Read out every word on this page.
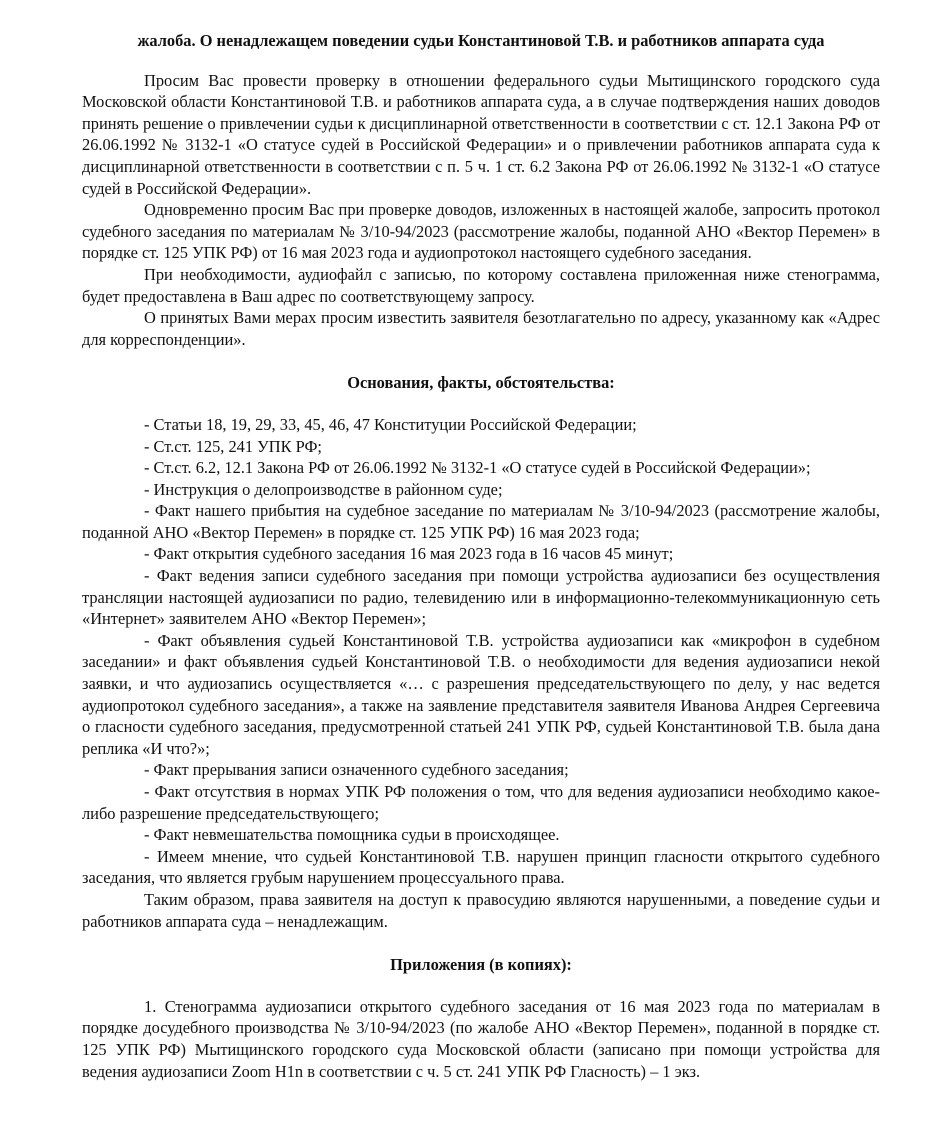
жалоба. О ненадлежащем поведении судьи Константиновой Т.В. и работников аппарата суда

Просим Вас провести проверку в отношении федерального судьи Мытищинского городского суда Московской области Константиновой Т.В. и работников аппарата суда, а в случае подтверждения наших доводов принять решение о привлечении судьи к дисциплинарной ответственности в соответствии с ст. 12.1 Закона РФ от 26.06.1992 № 3132-1 «О статусе судей в Российской Федерации» и о привлечении работников аппарата суда к дисциплинарной ответственности в соответствии с п. 5 ч. 1 ст. 6.2 Закона РФ от 26.06.1992 № 3132-1 «О статусе судей в Российской Федерации».

Одновременно просим Вас при проверке доводов, изложенных в настоящей жалобе, запросить протокол судебного заседания по материалам № 3/10-94/2023 (рассмотрение жалобы, поданной АНО «Вектор Перемен» в порядке ст. 125 УПК РФ) от 16 мая 2023 года и аудиопротокол настоящего судебного заседания.

При необходимости, аудиофайл с записью, по которому составлена приложенная ниже стенограмма, будет предоставлена в Ваш адрес по соответствующему запросу.

О принятых Вами мерах просим известить заявителя безотлагательно по адресу, указанному как «Адрес для корреспонденции».

Основания, факты, обстоятельства:

- Статьи 18, 19, 29, 33, 45, 46, 47 Конституции Российской Федерации;

- Ст.ст. 125, 241 УПК РФ;

- Ст.ст. 6.2, 12.1 Закона РФ от 26.06.1992 № 3132-1 «О статусе судей в Российской Федерации»;

- Инструкция о делопроизводстве в районном суде;

- Факт нашего прибытия на судебное заседание по материалам № 3/10-94/2023 (рассмотрение жалобы, поданной АНО «Вектор Перемен» в порядке ст. 125 УПК РФ) 16 мая 2023 года;

- Факт открытия судебного заседания 16 мая 2023 года в 16 часов 45 минут;

- Факт ведения записи судебного заседания при помощи устройства аудиозаписи без осуществления трансляции настоящей аудиозаписи по радио, телевидению или в информационно-телекоммуникационную сеть «Интернет» заявителем АНО «Вектор Перемен»;

- Факт объявления судьей Константиновой Т.В. устройства аудиозаписи как «микрофон в судебном заседании» и факт объявления судьей Константиновой Т.В. о необходимости для ведения аудиозаписи некой заявки, и что аудиозапись осуществляется «… с разрешения председательствующего по делу, у нас ведется аудиопротокол судебного заседания», а также на заявление представителя заявителя Иванова Андрея Сергеевича о гласности судебного заседания, предусмотренной статьей 241 УПК РФ, судьей Константиновой Т.В. была дана реплика «И что?»;

- Факт прерывания записи означенного судебного заседания;

- Факт отсутствия в нормах УПК РФ положения о том, что для ведения аудиозаписи необходимо какое-либо разрешение председательствующего;

- Факт невмешательства помощника судьи в происходящее.

- Имеем мнение, что судьей Константиновой Т.В. нарушен принцип гласности открытого судебного заседания, что является грубым нарушением процессуального права.

Таким образом, права заявителя на доступ к правосудию являются нарушенными, а поведение судьи и работников аппарата суда – ненадлежащим.

Приложения (в копиях):

1. Стенограмма аудиозаписи открытого судебного заседания от 16 мая 2023 года по материалам в порядке досудебного производства № 3/10-94/2023 (по жалобе АНО «Вектор Перемен», поданной в порядке ст. 125 УПК РФ) Мытищинского городского суда Московской области (записано при помощи устройства для ведения аудиозаписи Zoom H1n в соответствии с ч. 5 ст. 241 УПК РФ Гласность) – 1 экз.
